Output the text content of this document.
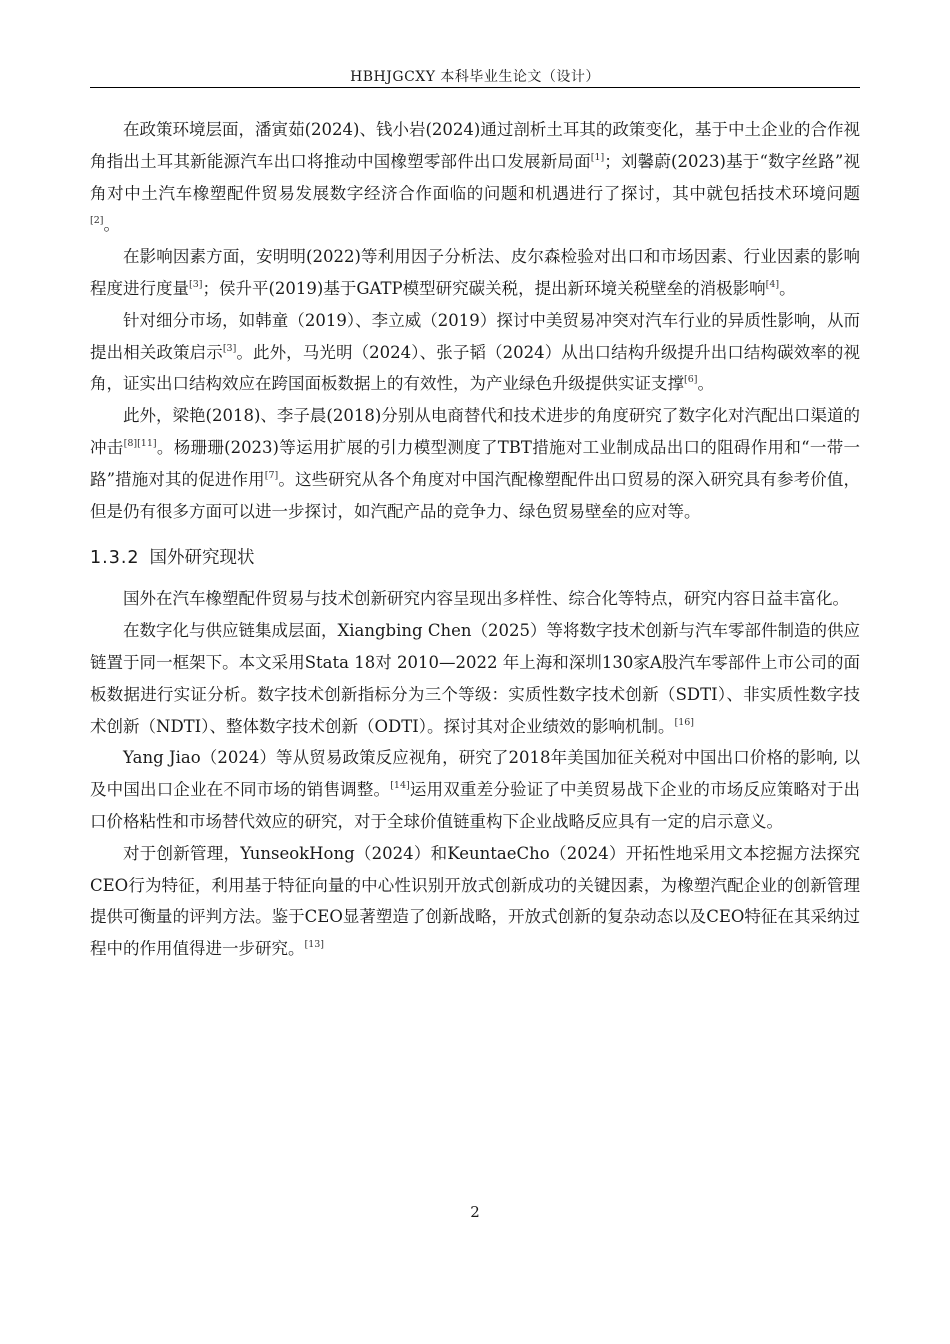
HBHJGCXY 本科毕业生论文（设计）

在政策环境层面，潘寅茹(2024)、钱小岩(2024)通过剖析土耳其的政策变化，基于中土企业的合作视角指出土耳其新能源汽车出口将推动中国橡塑零部件出口发展新局面[1]；刘馨蔚(2023)基于“数字丝路”视角对中土汽车橡塑配件贸易发展数字经济合作面临的问题和机遇进行了探讨，其中就包括技术环境问题[2]。

在影响因素方面，安明明(2022)等利用因子分析法、皮尔森检验对出口和市场因素、行业因素的影响程度进行度量[3]；侯升平(2019)基于GATP模型研究碳关税，提出新环境关税壁垒的消极影响[4]。

针对细分市场，如韩童（2019）、李立威（2019）探讨中美贸易冲突对汽车行业的异质性影响，从而提出相关政策启示[3]。此外，马光明（2024）、张子韬（2024）从出口结构升级提升出口结构碳效率的视角，证实出口结构效应在跨国面板数据上的有效性，为产业绿色升级提供实证支撑[6]。

此外，梁艳(2018)、李子晨(2018)分别从电商替代和技术进步的角度研究了数字化对汽配出口渠道的冲击[8][11]。杨珊珊(2023)等运用扩展的引力模型测度了TBT措施对工业制成品出口的阻碍作用和“一带一路”措施对其的促进作用[7]。这些研究从各个角度对中国汽配橡塑配件出口贸易的深入研究具有参考价值，但是仍有很多方面可以进一步探讨，如汽配产品的竞争力、绿色贸易壁垒的应对等。

1.3.2 国外研究现状

国外在汽车橡塑配件贸易与技术创新研究内容呈现出多样性、综合化等特点，研究内容日益丰富化。

在数字化与供应链集成层面，Xiangbing Chen（2025）等将数字技术创新与汽车零部件制造的供应链置于同一框架下。本文采用Stata 18对 2010—2022 年上海和深圳130家A股汽车零部件上市公司的面板数据进行实证分析。数字技术创新指标分为三个等级：实质性数字技术创新（SDTI）、非实质性数字技术创新（NDTI）、整体数字技术创新（ODTI）。探讨其对企业绩效的影响机制。[16]

Yang Jiao（2024）等从贸易政策反应视角，研究了2018年美国加征关税对中国出口价格的影响, 以及中国出口企业在不同市场的销售调整。[14]运用双重差分验证了中美贸易战下企业的市场反应策略对于出口价格粘性和市场替代效应的研究，对于全球价值链重构下企业战略反应具有一定的启示意义。

对于创新管理，YunseokHong（2024）和KeuntaeCho（2024）开拓性地采用文本挖掘方法探究CEO行为特征，利用基于特征向量的中心性识别开放式创新成功的关键因素，为橡塑汽配企业的创新管理提供可衡量的评判方法。鉴于CEO显著塑造了创新战略，开放式创新的复杂动态以及CEO特征在其采纳过程中的作用值得进一步研究。[13]

2
